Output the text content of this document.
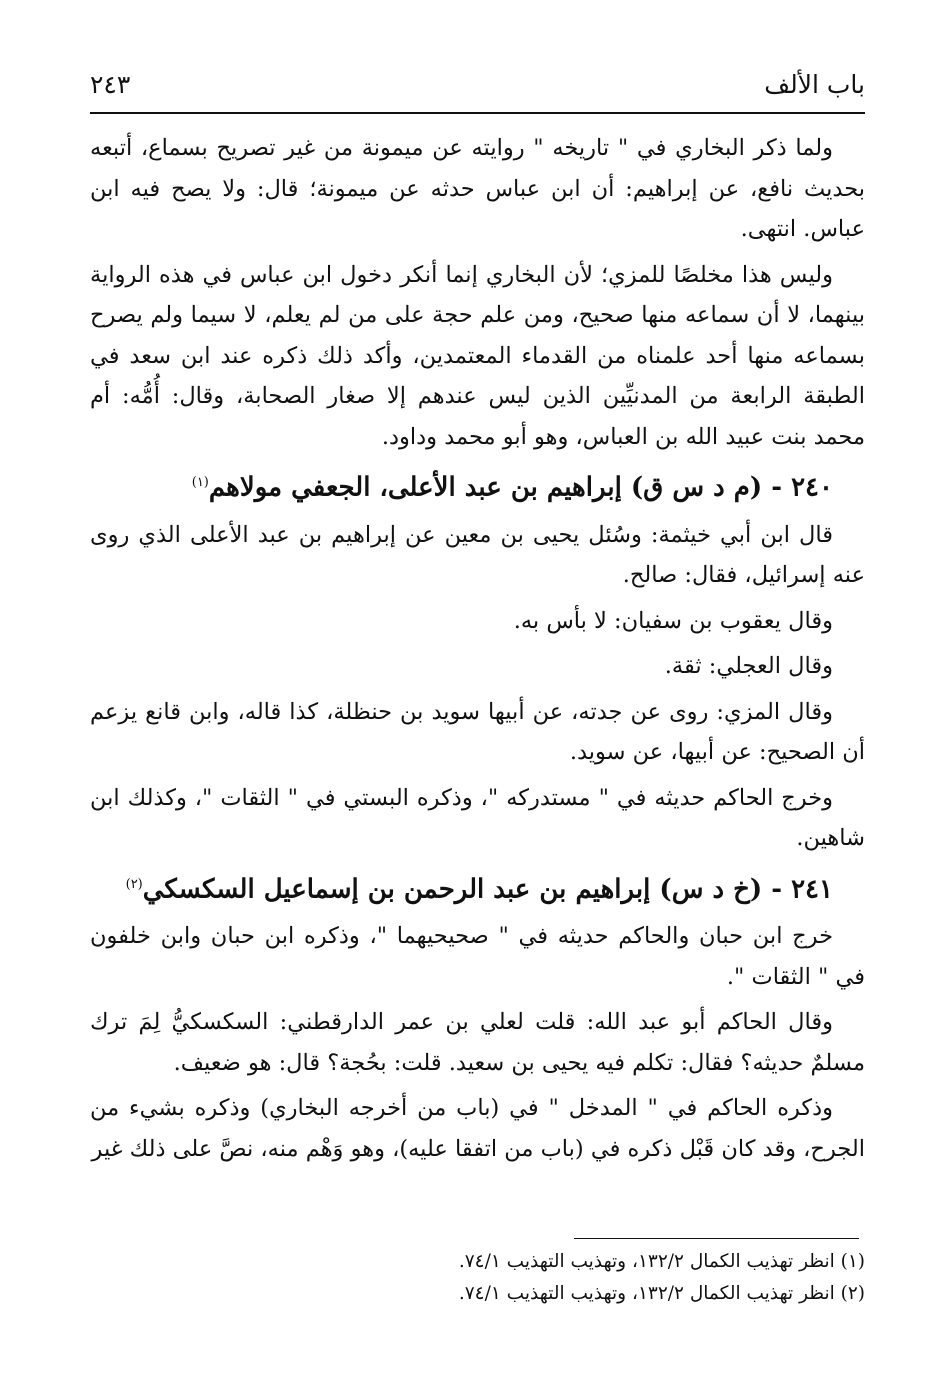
باب الألف
٢٤٣

ولما ذكر البخاري في " تاريخه " روايته عن ميمونة من غير تصريح بسماع، أتبعه بحديث نافع، عن إبراهيم: أن ابن عباس حدثه عن ميمونة؛ قال: ولا يصح فيه ابن عباس. انتهى.

وليس هذا مخلصًا للمزي؛ لأن البخاري إنما أنكر دخول ابن عباس في هذه الرواية بينهما، لا أن سماعه منها صحيح، ومن علم حجة على من لم يعلم، لا سيما ولم يصرح بسماعه منها أحد علمناه من القدماء المعتمدين، وأكد ذلك ذكره عند ابن سعد في الطبقة الرابعة من المدنيِّين الذين ليس عندهم إلا صغار الصحابة، وقال: أُمُّه: أم محمد بنت عبيد الله بن العباس، وهو أبو محمد وداود.

٢٤٠ - (م د س ق) إبراهيم بن عبد الأعلى، الجعفي مولاهم$^{(١)}$

قال ابن أبي خيثمة: وسُئل يحيى بن معين عن إبراهيم بن عبد الأعلى الذي روى عنه إسرائيل، فقال: صالح.

وقال يعقوب بن سفيان: لا بأس به.

وقال العجلي: ثقة.

وقال المزي: روى عن جدته، عن أبيها سويد بن حنظلة، كذا قاله، وابن قانع يزعم أن الصحيح: عن أبيها، عن سويد.

وخرج الحاكم حديثه في " مستدركه "، وذكره البستي في " الثقات "، وكذلك ابن شاهين.

٢٤١ - (خ د س) إبراهيم بن عبد الرحمن بن إسماعيل السكسكي$^{(٢)}$

خرج ابن حبان والحاكم حديثه في " صحيحيهما "، وذكره ابن حبان وابن خلفون في " الثقات ".

وقال الحاكم أبو عبد الله: قلت لعلي بن عمر الدارقطني: السكسكيُّ لِمَ ترك مسلمٌ حديثه؟ فقال: تكلم فيه يحيى بن سعيد. قلت: بحُجة؟ قال: هو ضعيف.

وذكره الحاكم في " المدخل " في (باب من أخرجه البخاري) وذكره بشيء من الجرح، وقد كان قَبْل ذكره في (باب من اتفقا عليه)، وهو وَهْم منه، نصَّ على ذلك غير

(١) انظر تهذيب الكمال ١٣٢/٢، وتهذيب التهذيب ٧٤/١.
(٢) انظر تهذيب الكمال ١٣٢/٢، وتهذيب التهذيب ٧٤/١.
